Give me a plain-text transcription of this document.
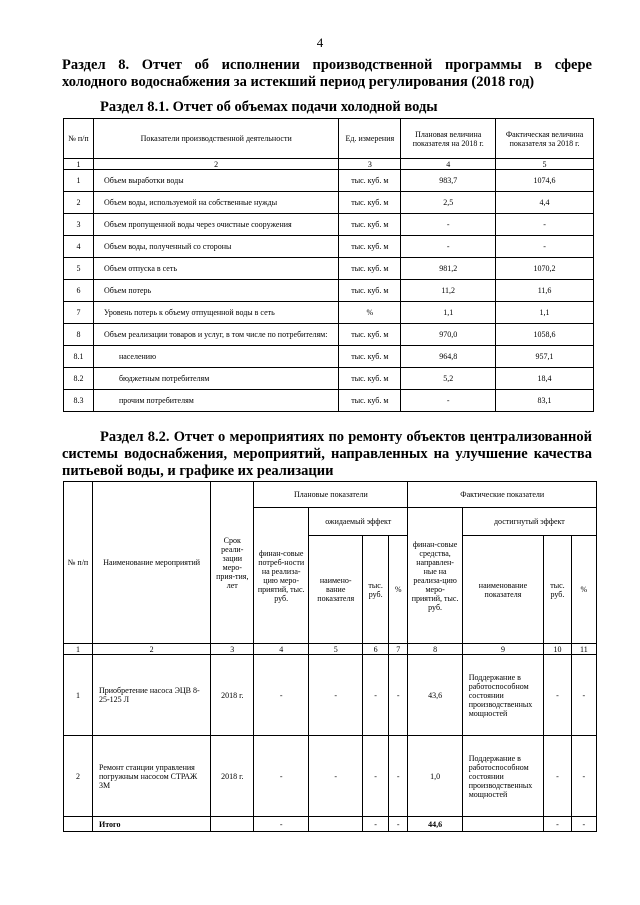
4
Раздел 8. Отчет об исполнении производственной программы в сфере
холодного водоснабжения за истекший период регулирования (2018 год)
Раздел 8.1. Отчет об объемах подачи холодной воды
№ п/п	Показатели производственной деятельности	Ед. измерения	Плановая величина показателя на 2018 г.	Фактическая величина показателя за 2018 г.
1	2	3	4	5
1	Объем выработки воды	тыс. куб. м	983,7	1074,6
2	Объем воды, используемой на собственные нужды	тыс. куб. м	2,5	4,4
3	Объем пропущенной воды через очистные сооружения	тыс. куб. м	-	-
4	Объем воды, полученный со стороны	тыс. куб. м	-	-
5	Объем отпуска в сеть	тыс. куб. м	981,2	1070,2
6	Объем потерь	тыс. куб. м	11,2	11,6
7	Уровень потерь к объему отпущенной воды в сеть	%	1,1	1,1
8	Объем реализации товаров и услуг, в том числе по потребителям:	тыс. куб. м	970,0	1058,6
8.1	населению	тыс. куб. м	964,8	957,1
8.2	бюджетным потребителям	тыс. куб. м	5,2	18,4
8.3	прочим потребителям	тыс. куб. м	-	83,1
Раздел 8.2. Отчет о мероприятиях по ремонту объектов централизованной
системы водоснабжения, мероприятий, направленных на улучшение качества
питьевой воды, и графике их реализации
№ п/п	Наименование мероприятий	Срок реали-зации меро-прия-тия, лет	Плановые показатели				Фактические показатели			
			финан-совые потреб-ности на реализа-цию меро-приятий, тыс. руб.	ожидаемый эффект			финан-совые средства, направлен-ные на реализа-цию меро-приятий, тыс. руб.	достигнутый эффект		
				наимено-вание показателя	тыс. руб.	%		наименование показателя	тыс. руб.	%
1	2	3	4	5	6	7	8	9	10	11
1	Приобретение насоса ЭЦВ 8-25-125 Л	2018 г.	-	-	-	-	43,6	Поддержание в работоспособном состоянии производственных мощностей	-	-
2	Ремонт станции управления погружным насосом СТРАЖ 3М	2018 г.	-	-	-	-	1,0	Поддержание в работоспособном состоянии производственных мощностей	-	-
	Итого		-		-	-	44,6		-	-
